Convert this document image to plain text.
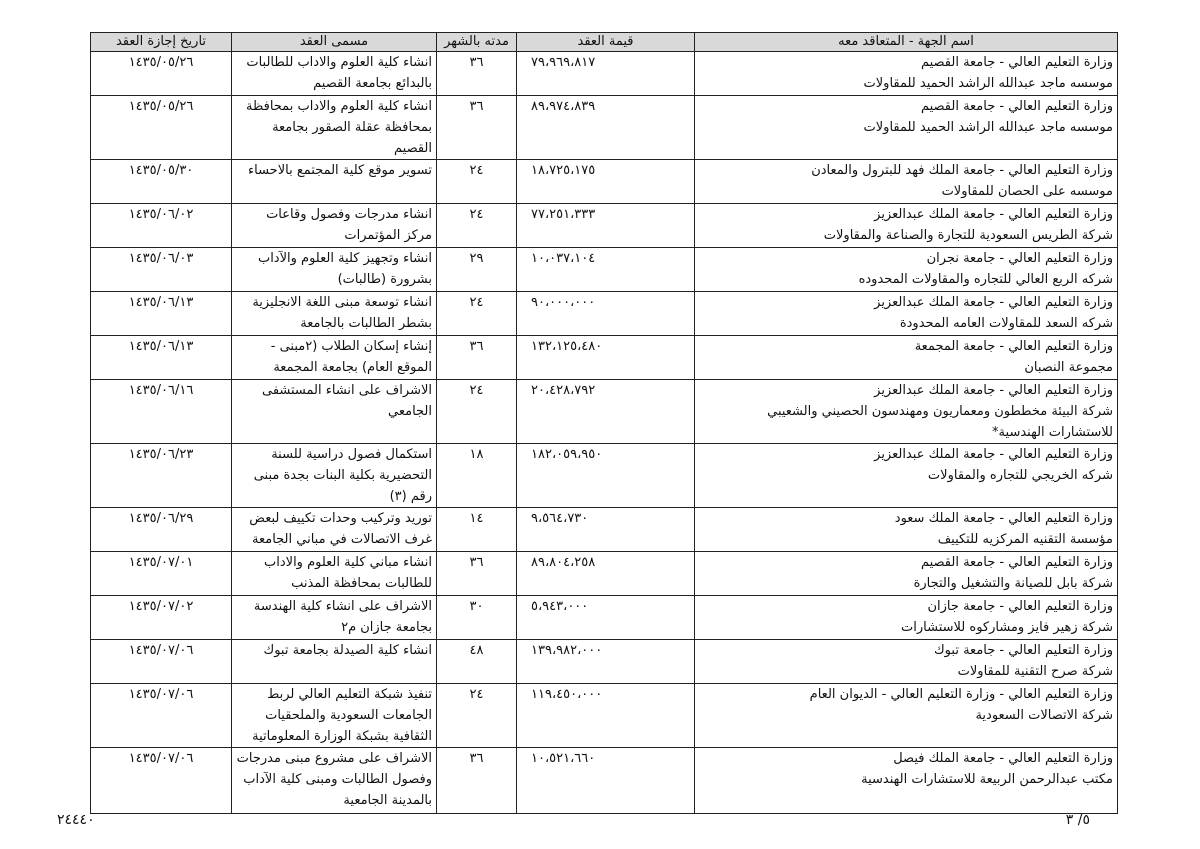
اسم الجهة - المتعاقد معه	قيمة العقد	مدته بالشهر	مسمى العقد	تاريخ إجازة العقد

وزارة التعليم العالي - جامعة القصيم
موسسه ماجد عبدالله الراشد الحميد للمقاولات	٧٩،٩٦٩،٨١٧	٣٦	انشاء كلية العلوم والاداب للطالبات بالبدائع بجامعة القصيم	١٤٣٥/٠٥/٢٦

وزارة التعليم العالي - جامعة القصيم
موسسه ماجد عبدالله الراشد الحميد للمقاولات	٨٩،٩٧٤،٨٣٩	٣٦	انشاء كلية العلوم والاداب بمحافظة بمحافظة عقلة الصقور بجامعة القصيم	١٤٣٥/٠٥/٢٦

وزارة التعليم العالي - جامعة الملك فهد للبترول والمعادن
موسسه على الحصان للمقاولات	١٨،٧٢٥،١٧٥	٢٤	تسوير موقع كلية المجتمع بالاحساء	١٤٣٥/٠٥/٣٠

وزارة التعليم العالي - جامعة الملك عبدالعزيز
شركة الطريس السعودية للتجارة والصناعة والمقاولات	٧٧،٢٥١،٣٣٣	٢٤	انشاء مدرجات وفصول وقاعات مركز المؤتمرات	١٤٣٥/٠٦/٠٢

وزارة التعليم العالي - جامعة نجران
شركه الربع العالي للتجاره والمقاولات المحدوده	١٠،٠٣٧،١٠٤	٢٩	انشاء وتجهيز كلية العلوم والآداب بشرورة (طالبات)	١٤٣٥/٠٦/٠٣

وزارة التعليم العالي - جامعة الملك عبدالعزيز
شركه السعد للمقاولات العامه المحدودة	٩٠،٠٠٠،٠٠٠	٢٤	انشاء توسعة مبنى اللغة الانجليزية بشطر الطالبات بالجامعة	١٤٣٥/٠٦/١٣

وزارة التعليم العالي - جامعة المجمعة
مجموعة النصبان	١٣٢،١٢٥،٤٨٠	٣٦	إنشاء إسكان الطلاب (٢مبنى - الموقع العام) بجامعة المجمعة	١٤٣٥/٠٦/١٣

وزارة التعليم العالي - جامعة الملك عبدالعزيز
شركة البيئة مخططون ومعماريون ومهندسون الحصيني والشعيبي
للاستشارات الهندسية*	٢٠،٤٢٨،٧٩٢	٢٤	الاشراف على انشاء المستشفى الجامعي	١٤٣٥/٠٦/١٦

وزارة التعليم العالي - جامعة الملك عبدالعزيز
شركه الخريجي للتجاره والمقاولات	١٨٢،٠٥٩،٩٥٠	١٨	استكمال فصول دراسية للسنة التحضيرية بكلية البنات بجدة مبنى رقم (٣)	١٤٣٥/٠٦/٢٣

وزارة التعليم العالي - جامعة الملك سعود
مؤسسة التقنيه المركزيه للتكييف	٩،٥٦٤،٧٣٠	١٤	توريد وتركيب وحدات تكييف لبعض غرف الاتصالات في مباني الجامعة	١٤٣٥/٠٦/٢٩

وزارة التعليم العالي - جامعة القصيم
شركة بابل للصيانة والتشغيل والتجارة	٨٩،٨٠٤،٢٥٨	٣٦	انشاء مباني كلية العلوم والاداب للطالبات بمحافظة المذنب	١٤٣٥/٠٧/٠١

وزارة التعليم العالي - جامعة جازان
شركة زهير فايز ومشاركوه للاستشارات	٥،٩٤٣،٠٠٠	٣٠	الاشراف على انشاء كلية الهندسة بجامعة جازان م٢	١٤٣٥/٠٧/٠٢

وزارة التعليم العالي - جامعة تبوك
شركة صرح التقنية للمقاولات	١٣٩،٩٨٢،٠٠٠	٤٨	انشاء كلية الصيدلة بجامعة تبوك	١٤٣٥/٠٧/٠٦

وزارة التعليم العالي - وزارة التعليم العالي - الديوان العام
شركة الاتصالات السعودية	١١٩،٤٥٠،٠٠٠	٢٤	تنفيذ شبكة التعليم العالي لربط الجامعات السعودية والملحقيات الثقافية بشبكة الوزارة المعلوماتية	١٤٣٥/٠٧/٠٦

وزارة التعليم العالي - جامعة الملك فيصل
مكتب عبدالرحمن الربيعة للاستشارات الهندسية	١٠،٥٢١،٦٦٠	٣٦	الاشراف على مشروع مبنى مدرجات وفصول الطالبات ومبنى كلية الآداب بالمدينة الجامعية	١٤٣٥/٠٧/٠٦
٢٤٤٤٠	٥/ ٣
